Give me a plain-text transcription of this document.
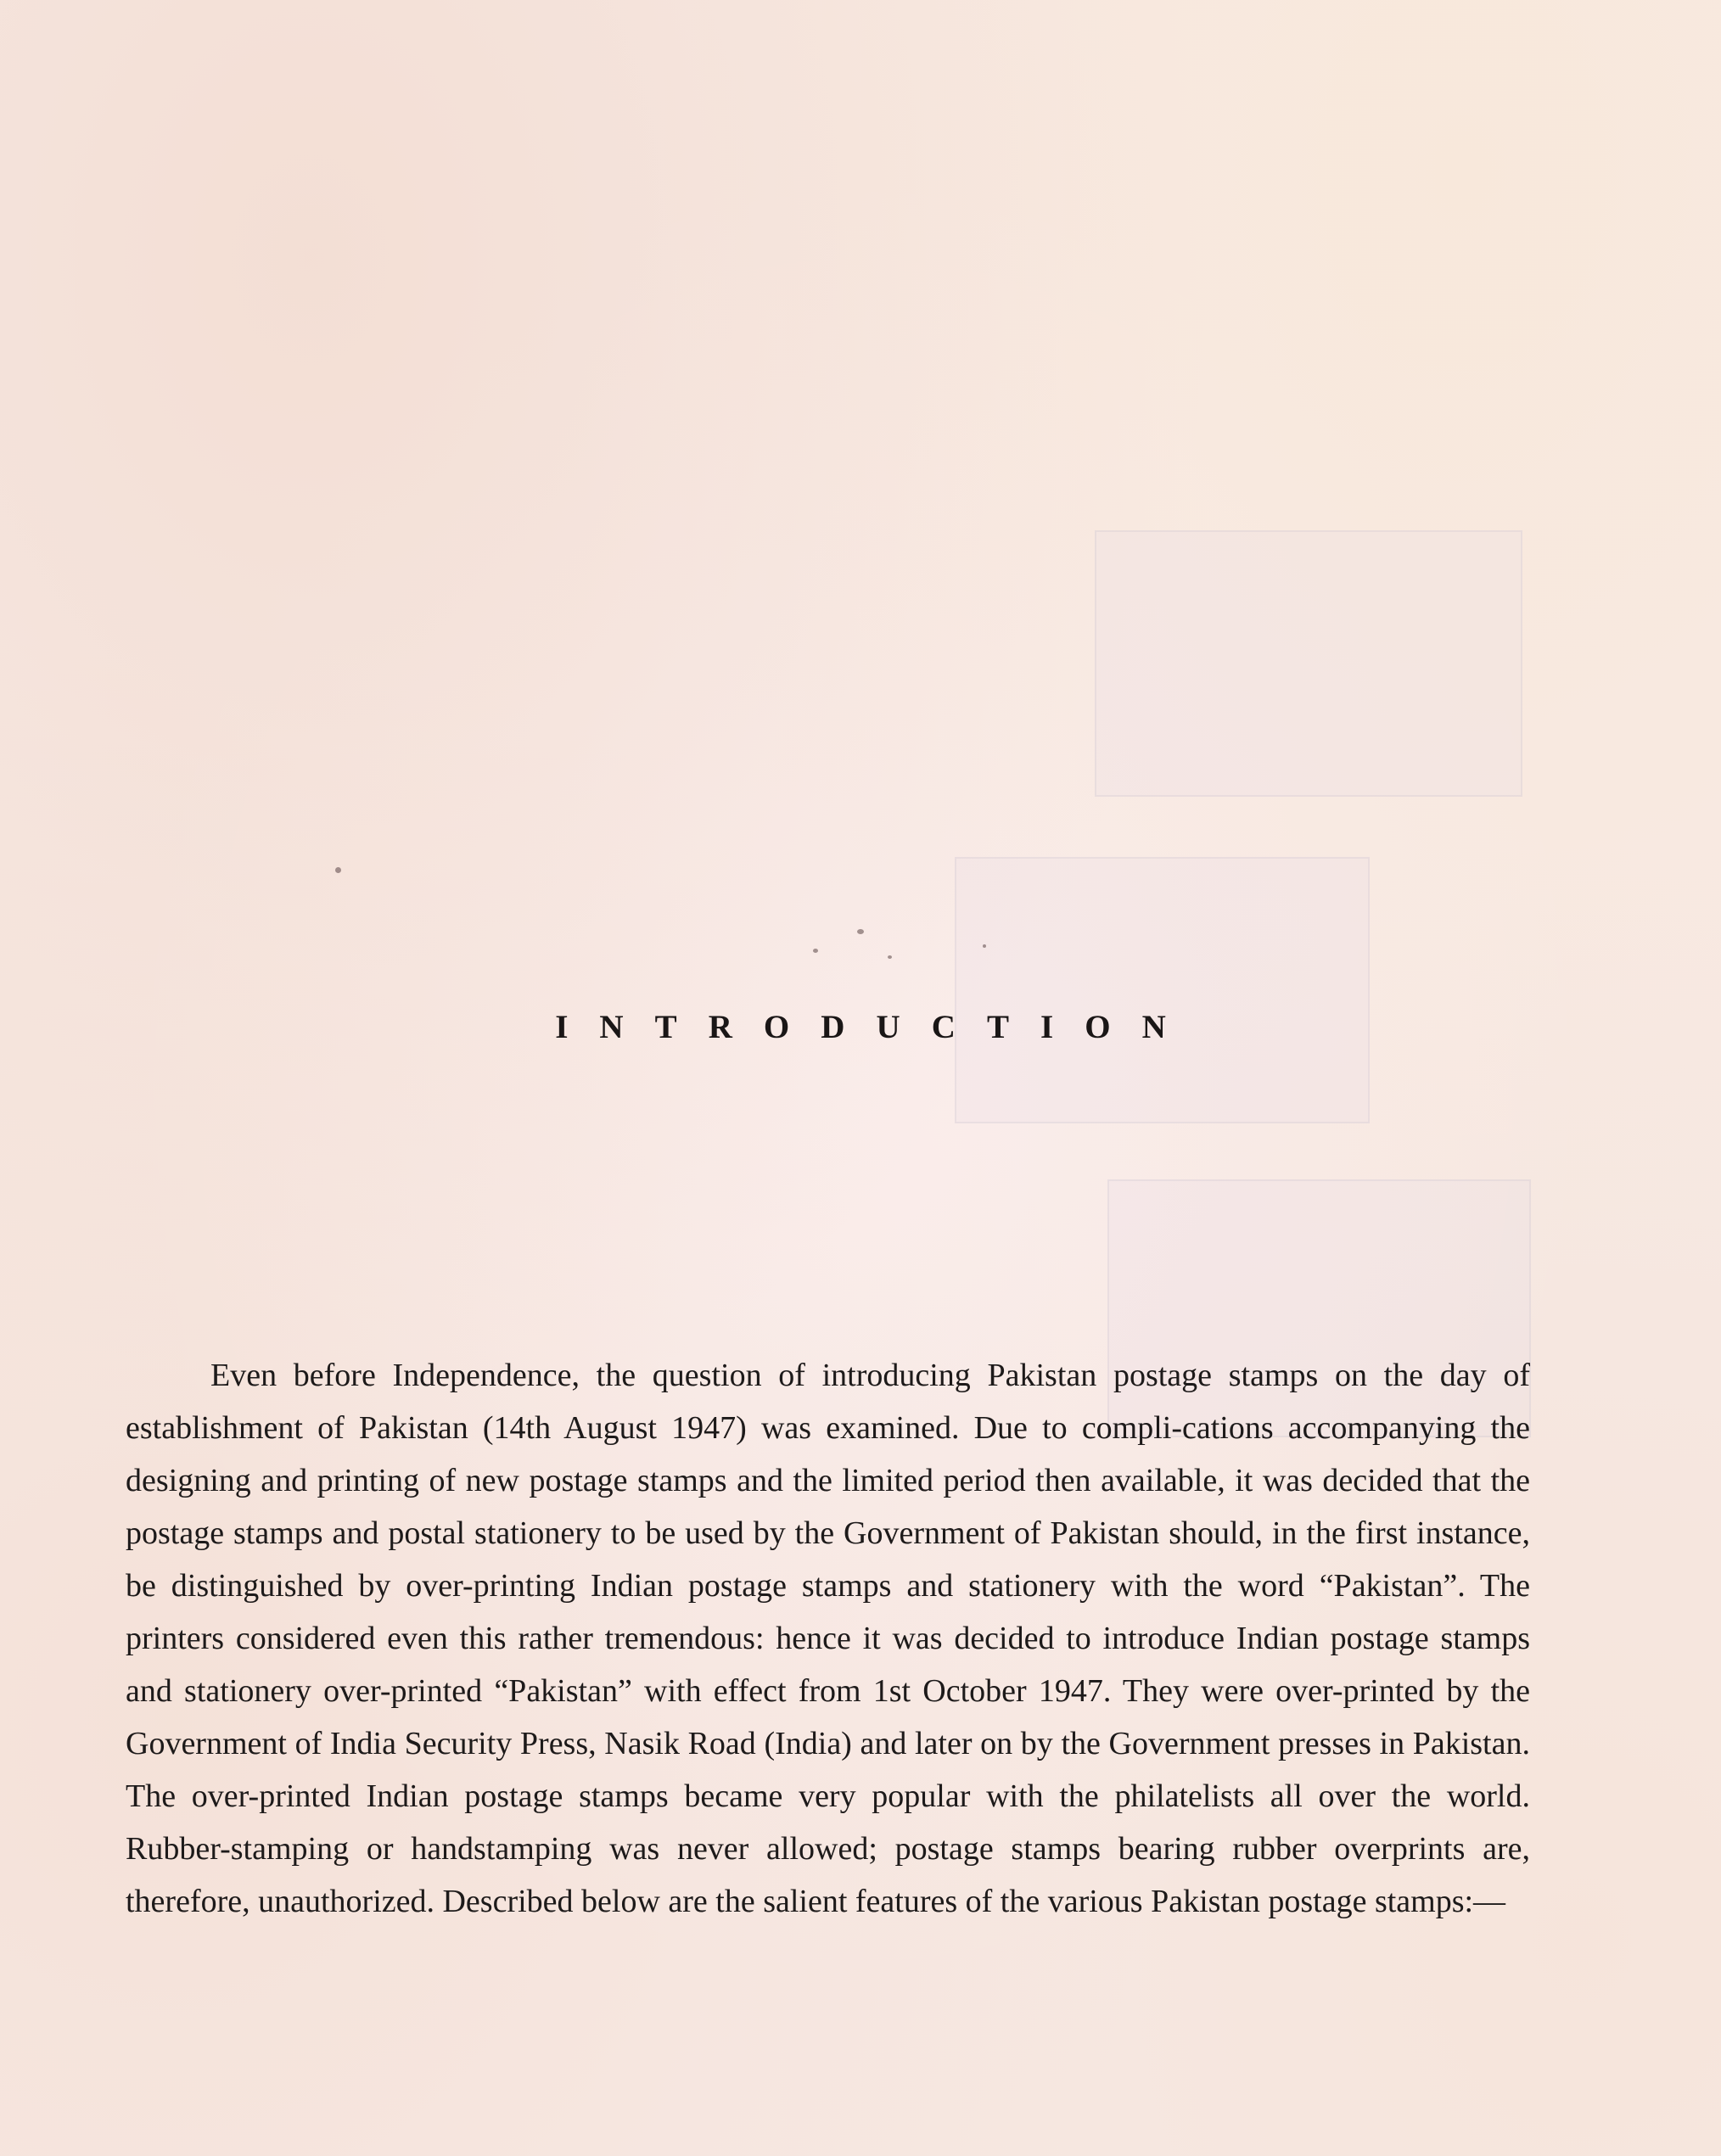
INTRODUCTION

Even before Independence, the question of introducing Pakistan postage stamps on the day of establishment of Pakistan (14th August 1947) was examined. Due to compli-cations accompanying the designing and printing of new postage stamps and the limited period then available, it was decided that the postage stamps and postal stationery to be used by the Government of Pakistan should, in the first instance, be distinguished by over-printing Indian postage stamps and stationery with the word “Pakistan”. The printers considered even this rather tremendous: hence it was decided to introduce Indian postage stamps and stationery over-printed “Pakistan” with effect from 1st October 1947. They were over-printed by the Government of India Security Press, Nasik Road (India) and later on by the Government presses in Pakistan. The over-printed Indian postage stamps became very popular with the philatelists all over the world. Rubber-stamping or handstamping was never allowed; postage stamps bearing rubber overprints are, therefore, unauthorized. Described below are the salient features of the various Pakistan postage stamps:—
